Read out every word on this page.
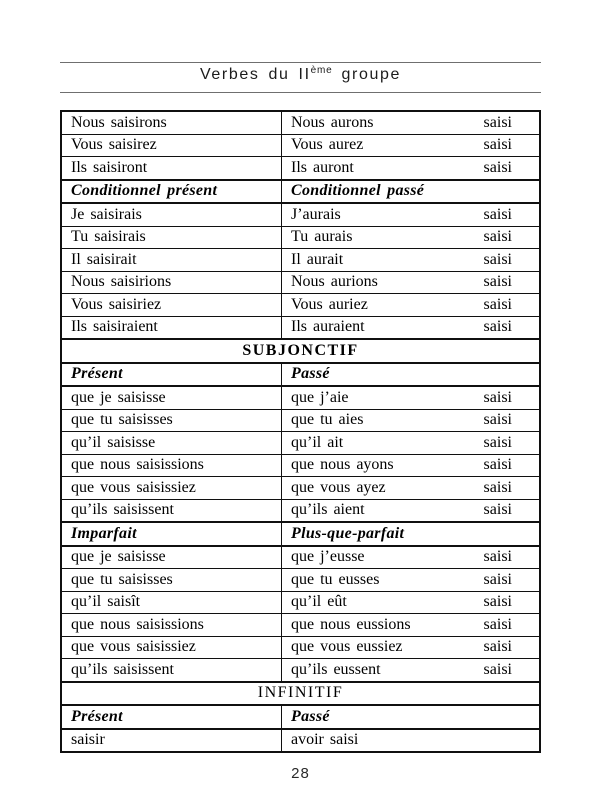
Verbes du IIème groupe
Nous saisirons	Nous aurons	saisi
Vous saisirez	Vous aurez	saisi
Ils saisiront	Ils auront	saisi
Conditionnel présent	Conditionnel passé
Je saisirais	J’aurais	saisi
Tu saisirais	Tu aurais	saisi
Il saisirait	Il aurait	saisi
Nous saisirions	Nous aurions	saisi
Vous saisiriez	Vous auriez	saisi
Ils saisiraient	Ils auraient	saisi
SUBJONCTIF
Présent	Passé
que je saisisse	que j’aie	saisi
que tu saisisses	que tu aies	saisi
qu’il saisisse	qu’il ait	saisi
que nous saisissions	que nous ayons	saisi
que vous saisissiez	que vous ayez	saisi
qu’ils saisissent	qu’ils aient	saisi
Imparfait	Plus-que-parfait
que je saisisse	que j’eusse	saisi
que tu saisisses	que tu eusses	saisi
qu’il saisît	qu’il eût	saisi
que nous saisissions	que nous eussions	saisi
que vous saisissiez	que vous eussiez	saisi
qu’ils saisissent	qu’ils eussent	saisi
INFINITIF
Présent	Passé
saisir	avoir saisi
28
